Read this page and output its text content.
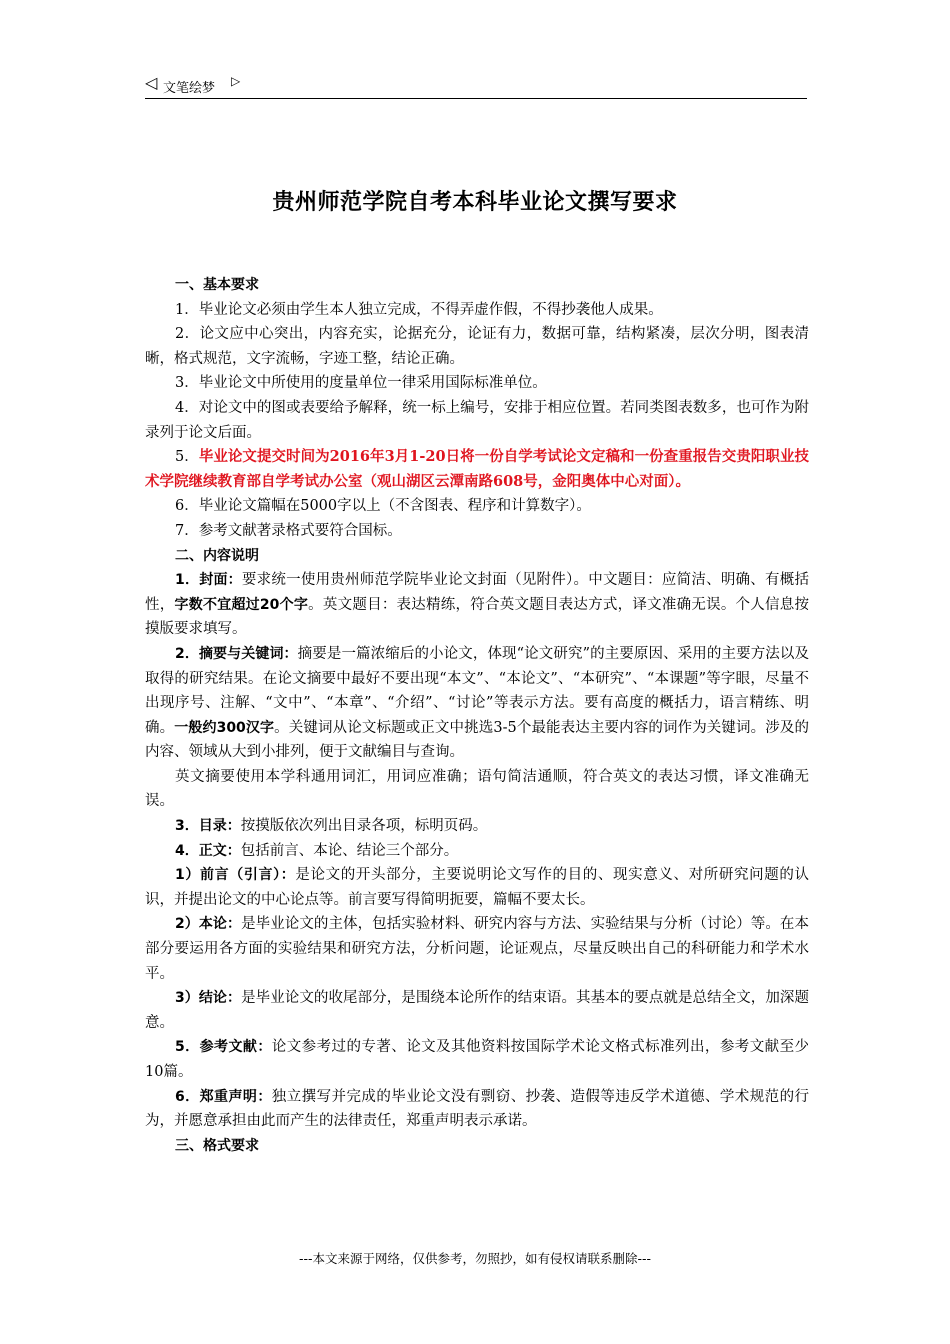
◁ 文笔绘梦 ▷
贵州师范学院自考本科毕业论文撰写要求

一、基本要求

1．毕业论文必须由学生本人独立完成，不得弄虚作假，不得抄袭他人成果。

2．论文应中心突出，内容充实，论据充分，论证有力，数据可靠，结构紧凑，层次分明，图表清晰，格式规范，文字流畅，字迹工整，结论正确。

3．毕业论文中所使用的度量单位一律采用国际标准单位。

4．对论文中的图或表要给予解释，统一标上编号，安排于相应位置。若同类图表数多，也可作为附录列于论文后面。

5．毕业论文提交时间为2016年3月1-20日将一份自学考试论文定稿和一份查重报告交贵阳职业技术学院继续教育部自学考试办公室（观山湖区云潭南路608号，金阳奥体中心对面）。

6．毕业论文篇幅在5000字以上（不含图表、程序和计算数字）。

7．参考文献著录格式要符合国标。

二、内容说明

1．封面：要求统一使用贵州师范学院毕业论文封面（见附件）。中文题目：应简洁、明确、有概括性，字数不宜超过20个字。英文题目：表达精练，符合英文题目表达方式，译文准确无误。个人信息按摸版要求填写。

2．摘要与关键词：摘要是一篇浓缩后的小论文，体现“论文研究”的主要原因、采用的主要方法以及取得的研究结果。在论文摘要中最好不要出现“本文”、“本论文”、“本研究”、“本课题”等字眼，尽量不出现序号、注解、“文中”、“本章”、“介绍”、“讨论”等表示方法。要有高度的概括力，语言精练、明确。一般约300汉字。关键词从论文标题或正文中挑选3-5个最能表达主要内容的词作为关键词。涉及的内容、领域从大到小排列，便于文献编目与查询。

英文摘要使用本学科通用词汇，用词应准确；语句简洁通顺，符合英文的表达习惯，译文准确无误。

3．目录：按摸版依次列出目录各项，标明页码。

4．正文：包括前言、本论、结论三个部分。

1）前言（引言）：是论文的开头部分，主要说明论文写作的目的、现实意义、对所研究问题的认识，并提出论文的中心论点等。前言要写得简明扼要，篇幅不要太长。

2）本论：是毕业论文的主体，包括实验材料、研究内容与方法、实验结果与分析（讨论）等。在本部分要运用各方面的实验结果和研究方法，分析问题，论证观点，尽量反映出自己的科研能力和学术水平。

3）结论：是毕业论文的收尾部分，是围绕本论所作的结束语。其基本的要点就是总结全文，加深题意。

5．参考文献：论文参考过的专著、论文及其他资料按国际学术论文格式标准列出，参考文献至少10篇。

6．郑重声明：独立撰写并完成的毕业论文没有剽窃、抄袭、造假等违反学术道德、学术规范的行为，并愿意承担由此而产生的法律责任，郑重声明表示承诺。

三、格式要求

---本文来源于网络，仅供参考，勿照抄，如有侵权请联系删除---
